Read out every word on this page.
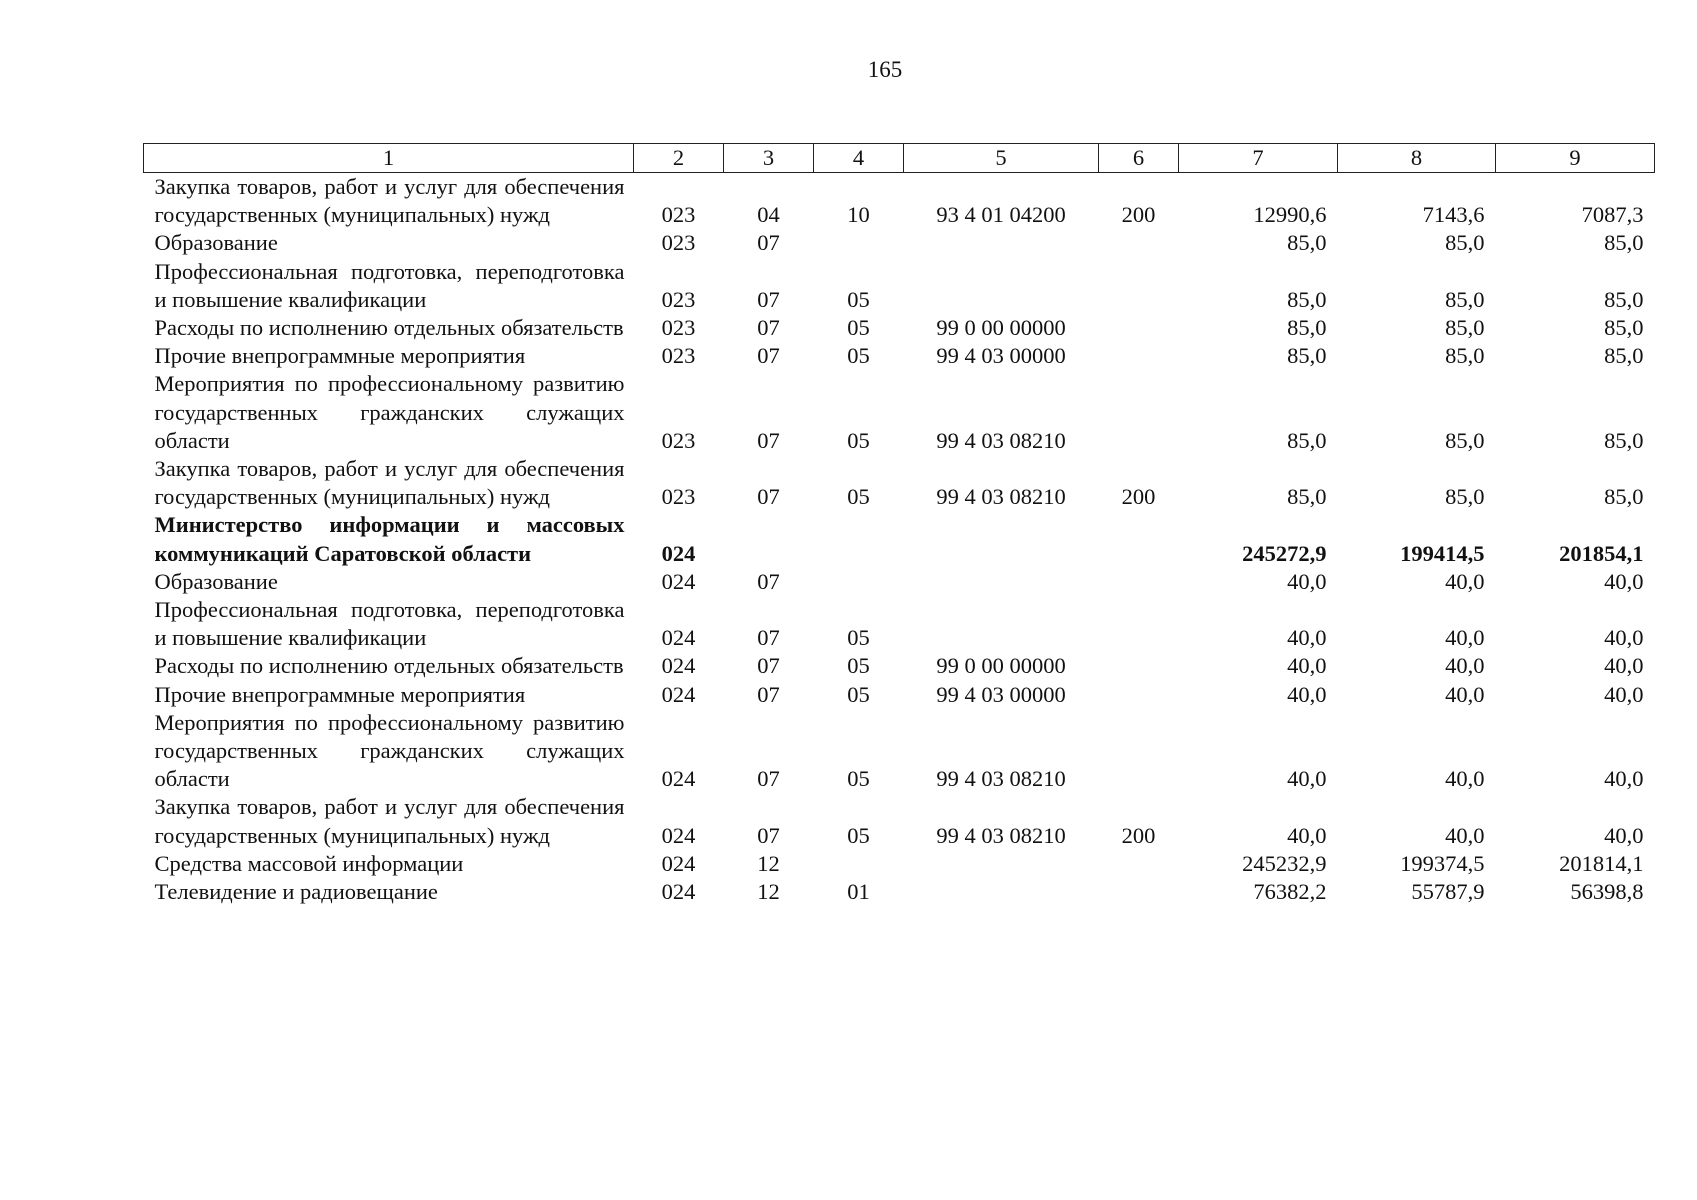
165
1	2	3	4	5	6	7	8	9
Закупка товаров, работ и услуг для обеспечения государственных (муниципальных) нужд	023	04	10	93 4 01 04200	200	12990,6	7143,6	7087,3
Образование	023	07				85,0	85,0	85,0
Профессиональная подготовка, переподготовка и повышение квалификации	023	07	05			85,0	85,0	85,0
Расходы по исполнению отдельных обязательств	023	07	05	99 0 00 00000		85,0	85,0	85,0
Прочие внепрограммные мероприятия	023	07	05	99 4 03 00000		85,0	85,0	85,0
Мероприятия по профессиональному развитию государственных гражданских служащих области	023	07	05	99 4 03 08210		85,0	85,0	85,0
Закупка товаров, работ и услуг для обеспечения государственных (муниципальных) нужд	023	07	05	99 4 03 08210	200	85,0	85,0	85,0
Министерство информации и массовых коммуникаций Саратовской области	024					245272,9	199414,5	201854,1
Образование	024	07				40,0	40,0	40,0
Профессиональная подготовка, переподготовка и повышение квалификации	024	07	05			40,0	40,0	40,0
Расходы по исполнению отдельных обязательств	024	07	05	99 0 00 00000		40,0	40,0	40,0
Прочие внепрограммные мероприятия	024	07	05	99 4 03 00000		40,0	40,0	40,0
Мероприятия по профессиональному развитию государственных гражданских служащих области	024	07	05	99 4 03 08210		40,0	40,0	40,0
Закупка товаров, работ и услуг для обеспечения государственных (муниципальных) нужд	024	07	05	99 4 03 08210	200	40,0	40,0	40,0
Средства массовой информации	024	12				245232,9	199374,5	201814,1
Телевидение и радиовещание	024	12	01			76382,2	55787,9	56398,8
